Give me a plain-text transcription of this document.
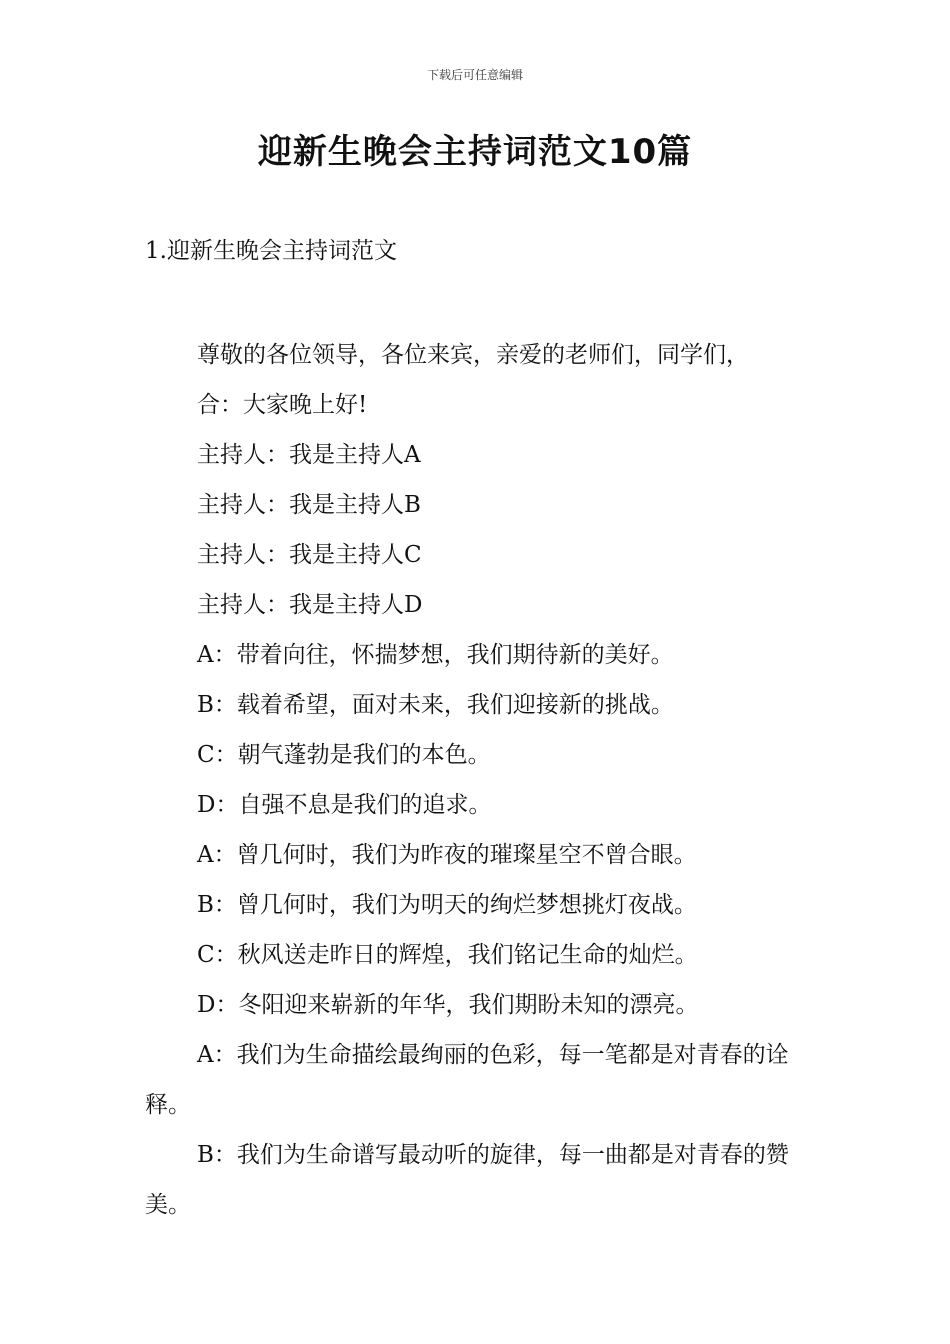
下载后可任意编辑
迎新生晚会主持词范文10篇
1.迎新生晚会主持词范文
尊敬的各位领导，各位来宾，亲爱的老师们，同学们，
合：大家晚上好!
主持人：我是主持人A
主持人：我是主持人B
主持人：我是主持人C
主持人：我是主持人D
A：带着向往，怀揣梦想，我们期待新的美好。
B：载着希望，面对未来，我们迎接新的挑战。
C：朝气蓬勃是我们的本色。
D：自强不息是我们的追求。
A：曾几何时，我们为昨夜的璀璨星空不曾合眼。
B：曾几何时，我们为明天的绚烂梦想挑灯夜战。
C：秋风送走昨日的辉煌，我们铭记生命的灿烂。
D：冬阳迎来崭新的年华，我们期盼未知的漂亮。
A：我们为生命描绘最绚丽的色彩，每一笔都是对青春的诠释。
B：我们为生命谱写最动听的旋律，每一曲都是对青春的赞美。
